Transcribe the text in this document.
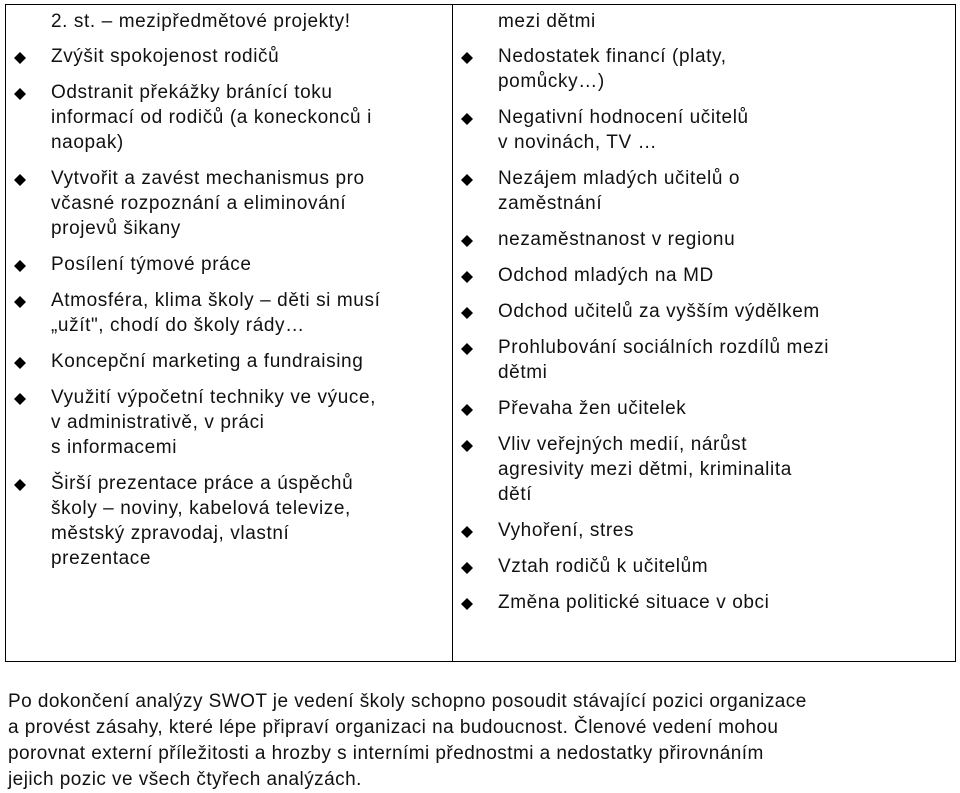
2. st. – mezipředmětové projekty!
Zvýšit spokojenost rodičů
Odstranit překážky bránící toku
informací od rodičů (a koneckonců i
naopak)
Vytvořit a zavést mechanismus pro
včasné rozpoznání a eliminování
projevů šikany
Posílení týmové práce
Atmosféra, klima školy – děti si musí
„užít", chodí do školy rády…
Koncepční marketing a fundraising
Využití výpočetní techniky ve výuce,
v administrativě, v práci
s informacemi
Širší prezentace práce a úspěchů
školy – noviny, kabelová televize,
městský zpravodaj, vlastní
prezentace
mezi dětmi
Nedostatek financí (platy,
pomůcky…)
Negativní hodnocení učitelů
v novinách, TV …
Nezájem mladých učitelů o
zaměstnání
nezaměstnanost v regionu
Odchod mladých na MD
Odchod učitelů za vyšším výdělkem
Prohlubování sociálních rozdílů mezi
dětmi
Převaha žen učitelek
Vliv veřejných medií, nárůst
agresivity mezi dětmi, kriminalita
dětí
Vyhoření, stres
Vztah rodičů k učitelům
Změna politické situace v obci
Po dokončení analýzy SWOT je vedení školy schopno posoudit stávající pozici organizace
a provést zásahy, které lépe připraví organizaci na budoucnost. Členové vedení mohou
porovnat externí příležitosti a hrozby s interními přednostmi a nedostatky přirovnáním
jejich pozic ve všech čtyřech analýzách.
